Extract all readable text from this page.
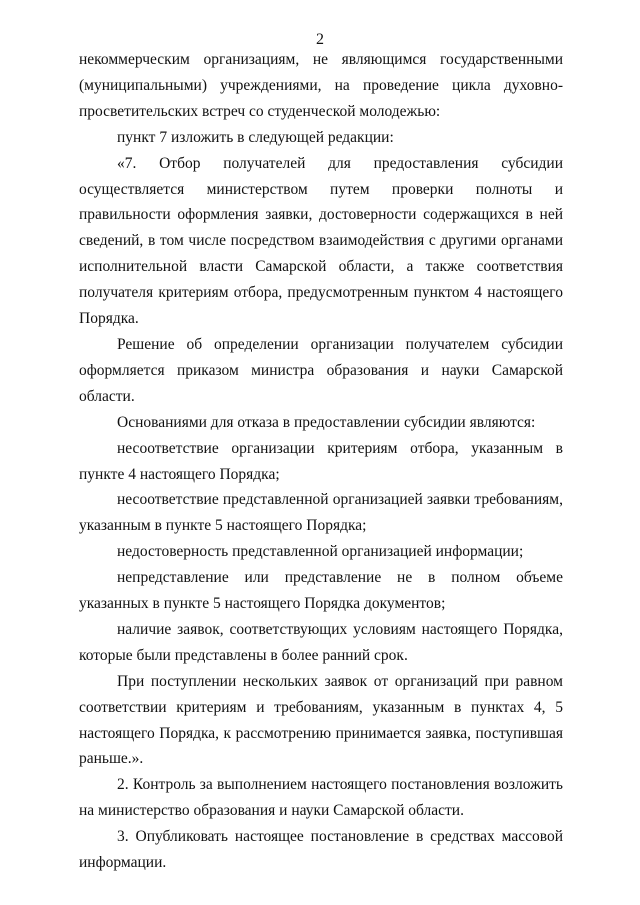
2

некоммерческим организациям, не являющимся государственными (муниципальными) учреждениями, на проведение цикла духовно-просветительских встреч со студенческой молодежью:

пункт 7 изложить в следующей редакции:

«7. Отбор получателей для предоставления субсидии осуществляется министерством путем проверки полноты и правильности оформления заявки, достоверности содержащихся в ней сведений, в том числе посредством взаимодействия с другими органами исполнительной власти Самарской области, а также соответствия получателя критериям отбора, предусмотренным пунктом 4 настоящего Порядка.

Решение об определении организации получателем субсидии оформляется приказом министра образования и науки Самарской области.

Основаниями для отказа в предоставлении субсидии являются:

несоответствие организации критериям отбора, указанным в пункте 4 настоящего Порядка;

несоответствие представленной организацией заявки требованиям, указанным в пункте 5 настоящего Порядка;

недостоверность представленной организацией информации;

непредставление или представление не в полном объеме указанных в пункте 5 настоящего Порядка документов;

наличие заявок, соответствующих условиям настоящего Порядка, которые были представлены в более ранний срок.

При поступлении нескольких заявок от организаций при равном соответствии критериям и требованиям, указанным в пунктах 4, 5 настоящего Порядка, к рассмотрению принимается заявка, поступившая раньше.».

2. Контроль за выполнением настоящего постановления возложить на министерство образования и науки Самарской области.

3. Опубликовать настоящее постановление в средствах массовой информации.
